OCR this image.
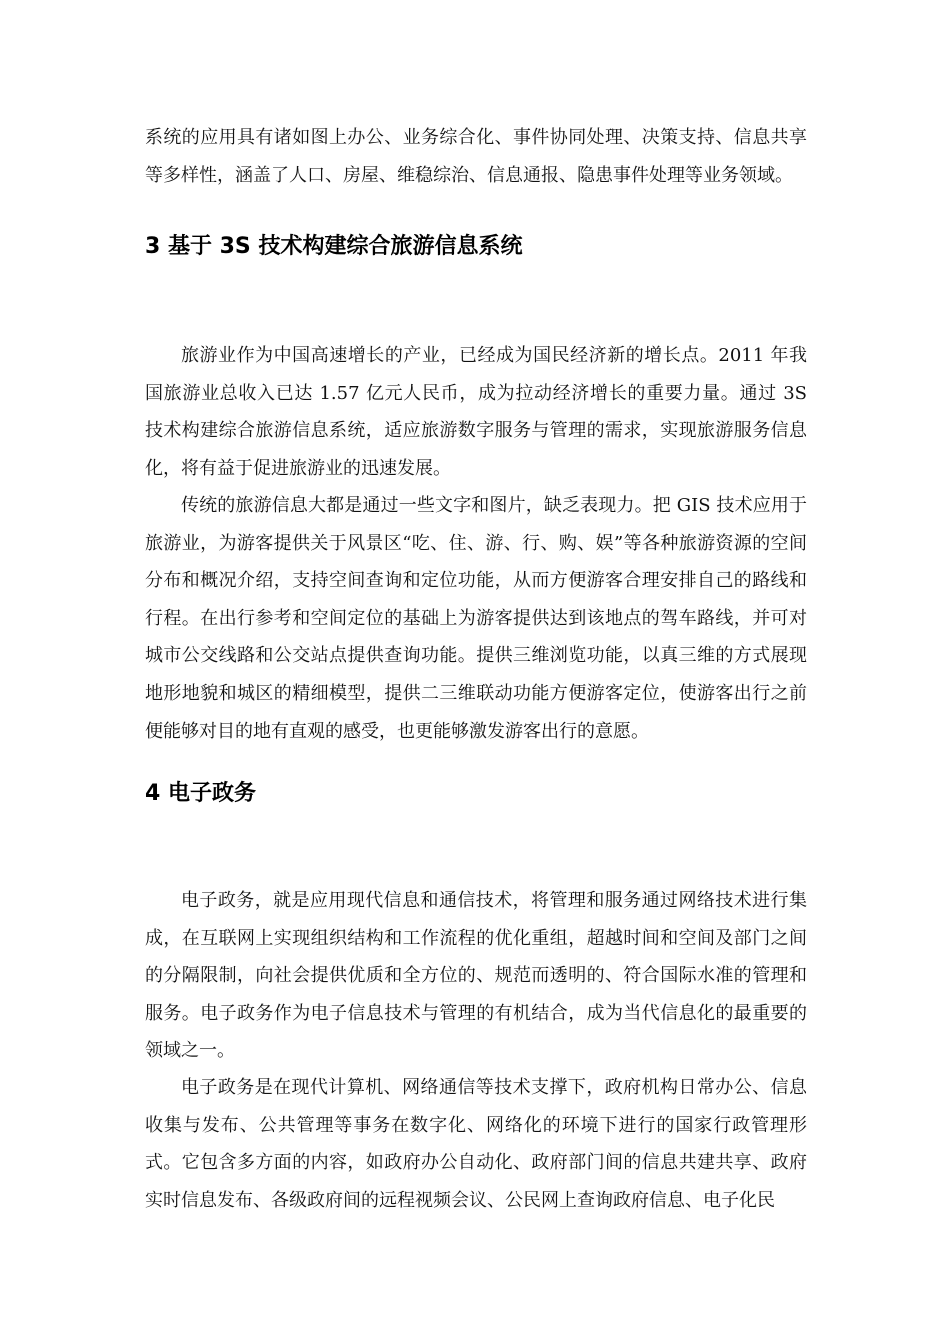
系统的应用具有诸如图上办公、业务综合化、事件协同处理、决策支持、信息共享等多样性，涵盖了人口、房屋、维稳综治、信息通报、隐患事件处理等业务领域。

3 基于 3S 技术构建综合旅游信息系统

旅游业作为中国高速增长的产业，已经成为国民经济新的增长点。2011 年我国旅游业总收入已达 1.57 亿元人民币，成为拉动经济增长的重要力量。通过 3S 技术构建综合旅游信息系统，适应旅游数字服务与管理的需求，实现旅游服务信息化，将有益于促进旅游业的迅速发展。

传统的旅游信息大都是通过一些文字和图片，缺乏表现力。把 GIS 技术应用于旅游业，为游客提供关于风景区“吃、住、游、行、购、娱”等各种旅游资源的空间分布和概况介绍，支持空间查询和定位功能，从而方便游客合理安排自己的路线和行程。在出行参考和空间定位的基础上为游客提供达到该地点的驾车路线，并可对城市公交线路和公交站点提供查询功能。提供三维浏览功能，以真三维的方式展现地形地貌和城区的精细模型，提供二三维联动功能方便游客定位，使游客出行之前便能够对目的地有直观的感受，也更能够激发游客出行的意愿。

4 电子政务

电子政务，就是应用现代信息和通信技术，将管理和服务通过网络技术进行集成，在互联网上实现组织结构和工作流程的优化重组，超越时间和空间及部门之间的分隔限制，向社会提供优质和全方位的、规范而透明的、符合国际水准的管理和服务。电子政务作为电子信息技术与管理的有机结合，成为当代信息化的最重要的领域之一。

电子政务是在现代计算机、网络通信等技术支撑下，政府机构日常办公、信息收集与发布、公共管理等事务在数字化、网络化的环境下进行的国家行政管理形式。它包含多方面的内容，如政府办公自动化、政府部门间的信息共建共享、政府实时信息发布、各级政府间的远程视频会议、公民网上查询政府信息、电子化民
